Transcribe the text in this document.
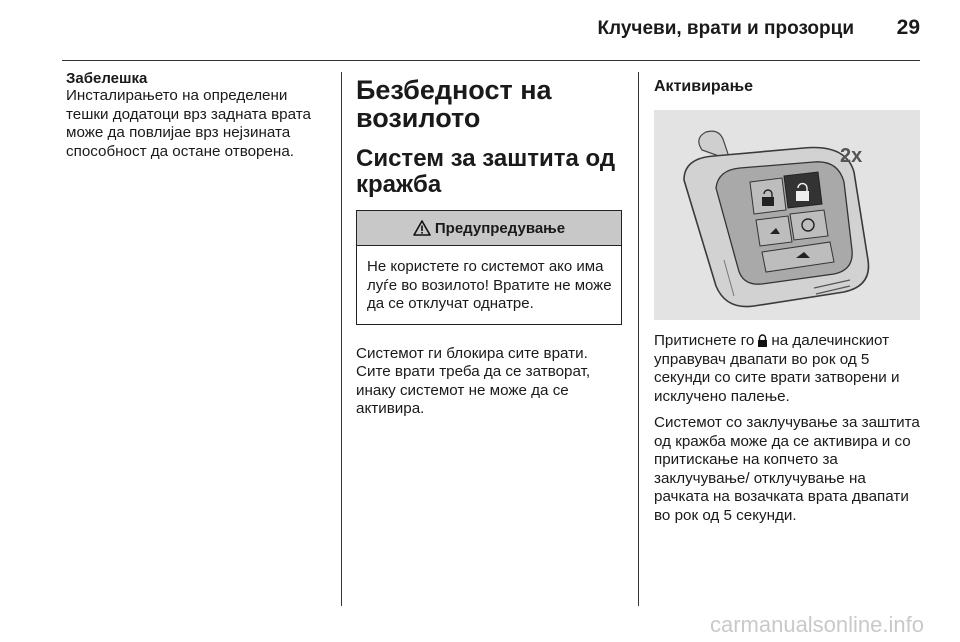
Клучеви, врати и прозорци 29
Забелешка

Инсталирањето на определени тешки додатоци врз задната врата може да повлијае врз нејзината способност да остане отворена.

Безбедност на возилото
Систем за заштита од кражба
Предупредување
Не користете го системот ако има луѓе во возилото! Вратите не може да се отклучат однатре.

Системот ги блокира сите врати. Сите врати треба да се затворат, инаку системот не може да се активира.

Активирање
2x

Притиснете го на далечинскиот управувач двапати во рок од 5 секунди со сите врати затворени и исклучено палење.

Системот со заклучување за заштита од кражба може да се активира и со притискање на копчето за заклучување/ отклучување на рачката на возачката врата двапати во рок од 5 секунди.

carmanualsonline.info
